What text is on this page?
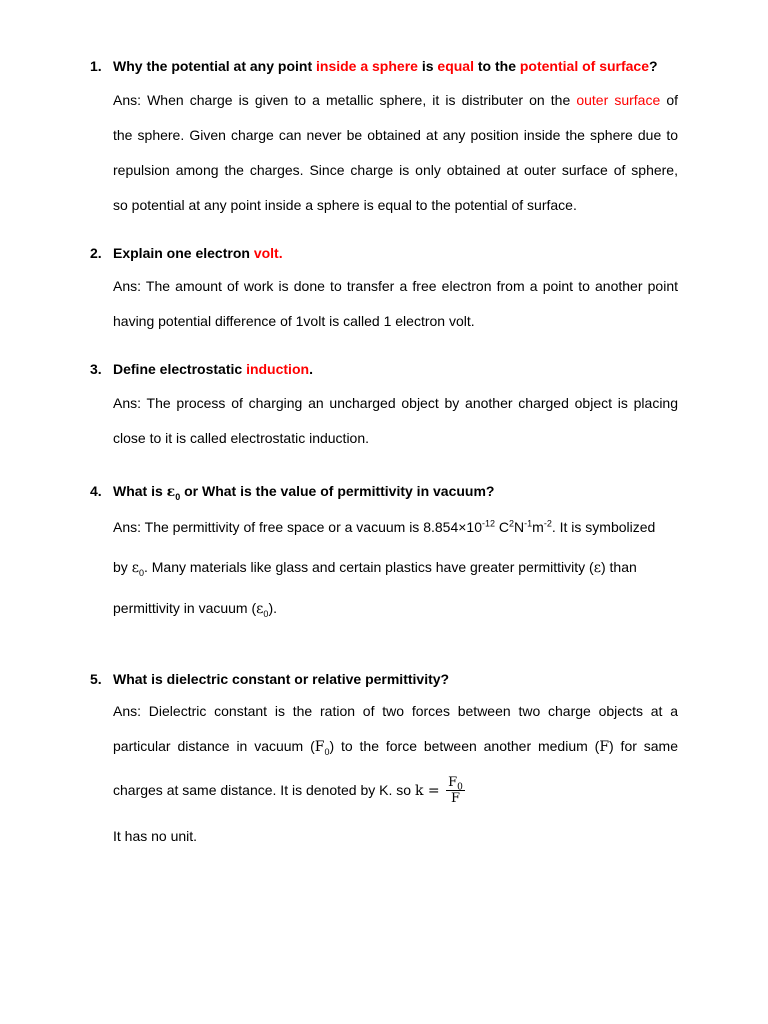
1. Why the potential at any point inside a sphere is equal to the potential of surface?
Ans: When charge is given to a metallic sphere, it is distributer on the outer surface of
the sphere. Given charge can never be obtained at any position inside the sphere due to
repulsion among the charges. Since charge is only obtained at outer surface of sphere,
so potential at any point inside a sphere is equal to the potential of surface.
2. Explain one electron volt.
Ans: The amount of work is done to transfer a free electron from a point to another point
having potential difference of 1volt is called 1 electron volt.
3. Define electrostatic induction.
Ans: The process of charging an uncharged object by another charged object is placing
close to it is called electrostatic induction.
4. What is $\varepsilon_0$ or What is the value of permittivity in vacuum?
Ans: The permittivity of free space or a vacuum is $8.854\times 10^{-12}$ $C^2N^{-1}m^{-2}$. It is symbolized
by $\varepsilon_0$. Many materials like glass and certain plastics have greater permittivity (ε) than
permittivity in vacuum $(\varepsilon_0)$.
5. What is dielectric constant or relative permittivity?
Ans: Dielectric constant is the ration of two forces between two charge objects at a
particular distance in vacuum $(F_0)$ to the force between another medium (F) for same
charges at same distance. It is denoted by K. so $k = \frac{F_0}{F}$
It has no unit.
